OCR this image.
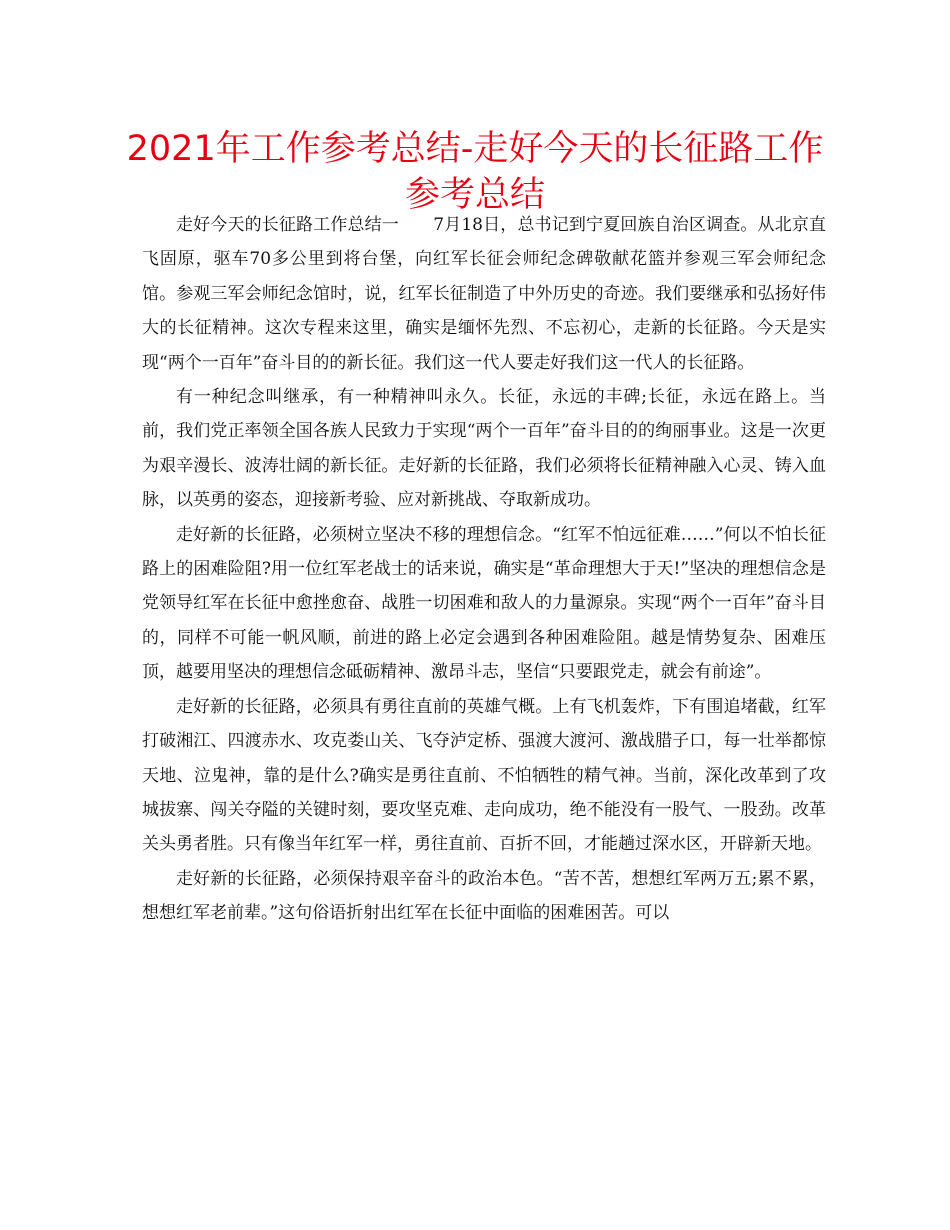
2021年工作参考总结-走好今天的长征路工作参考总结

走好今天的长征路工作总结一　　7月18日，总书记到宁夏回族自治区调查。从北京直飞固原，驱车70多公里到将台堡，向红军长征会师纪念碑敬献花篮并参观三军会师纪念馆。参观三军会师纪念馆时，说，红军长征制造了中外历史的奇迹。我们要继承和弘扬好伟大的长征精神。这次专程来这里，确实是缅怀先烈、不忘初心，走新的长征路。今天是实现“两个一百年”奋斗目的的新长征。我们这一代人要走好我们这一代人的长征路。

有一种纪念叫继承，有一种精神叫永久。长征，永远的丰碑;长征，永远在路上。当前，我们党正率领全国各族人民致力于实现“两个一百年”奋斗目的的绚丽事业。这是一次更为艰辛漫长、波涛壮阔的新长征。走好新的长征路，我们必须将长征精神融入心灵、铸入血脉，以英勇的姿态，迎接新考验、应对新挑战、夺取新成功。

走好新的长征路，必须树立坚决不移的理想信念。“红军不怕远征难……”何以不怕长征路上的困难险阻?用一位红军老战士的话来说，确实是“革命理想大于天!”坚决的理想信念是党领导红军在长征中愈挫愈奋、战胜一切困难和敌人的力量源泉。实现“两个一百年”奋斗目的，同样不可能一帆风顺，前进的路上必定会遇到各种困难险阻。越是情势复杂、困难压顶，越要用坚决的理想信念砥砺精神、激昂斗志，坚信“只要跟党走，就会有前途”。

走好新的长征路，必须具有勇往直前的英雄气概。上有飞机轰炸，下有围追堵截，红军打破湘江、四渡赤水、攻克娄山关、飞夺泸定桥、强渡大渡河、激战腊子口，每一壮举都惊天地、泣鬼神，靠的是什么?确实是勇往直前、不怕牺牲的精气神。当前，深化改革到了攻城拔寨、闯关夺隘的关键时刻，要攻坚克难、走向成功，绝不能没有一股气、一股劲。改革关头勇者胜。只有像当年红军一样，勇往直前、百折不回，才能趟过深水区，开辟新天地。

走好新的长征路，必须保持艰辛奋斗的政治本色。“苦不苦，想想红军两万五;累不累，想想红军老前辈。”这句俗语折射出红军在长征中面临的困难困苦。可以
